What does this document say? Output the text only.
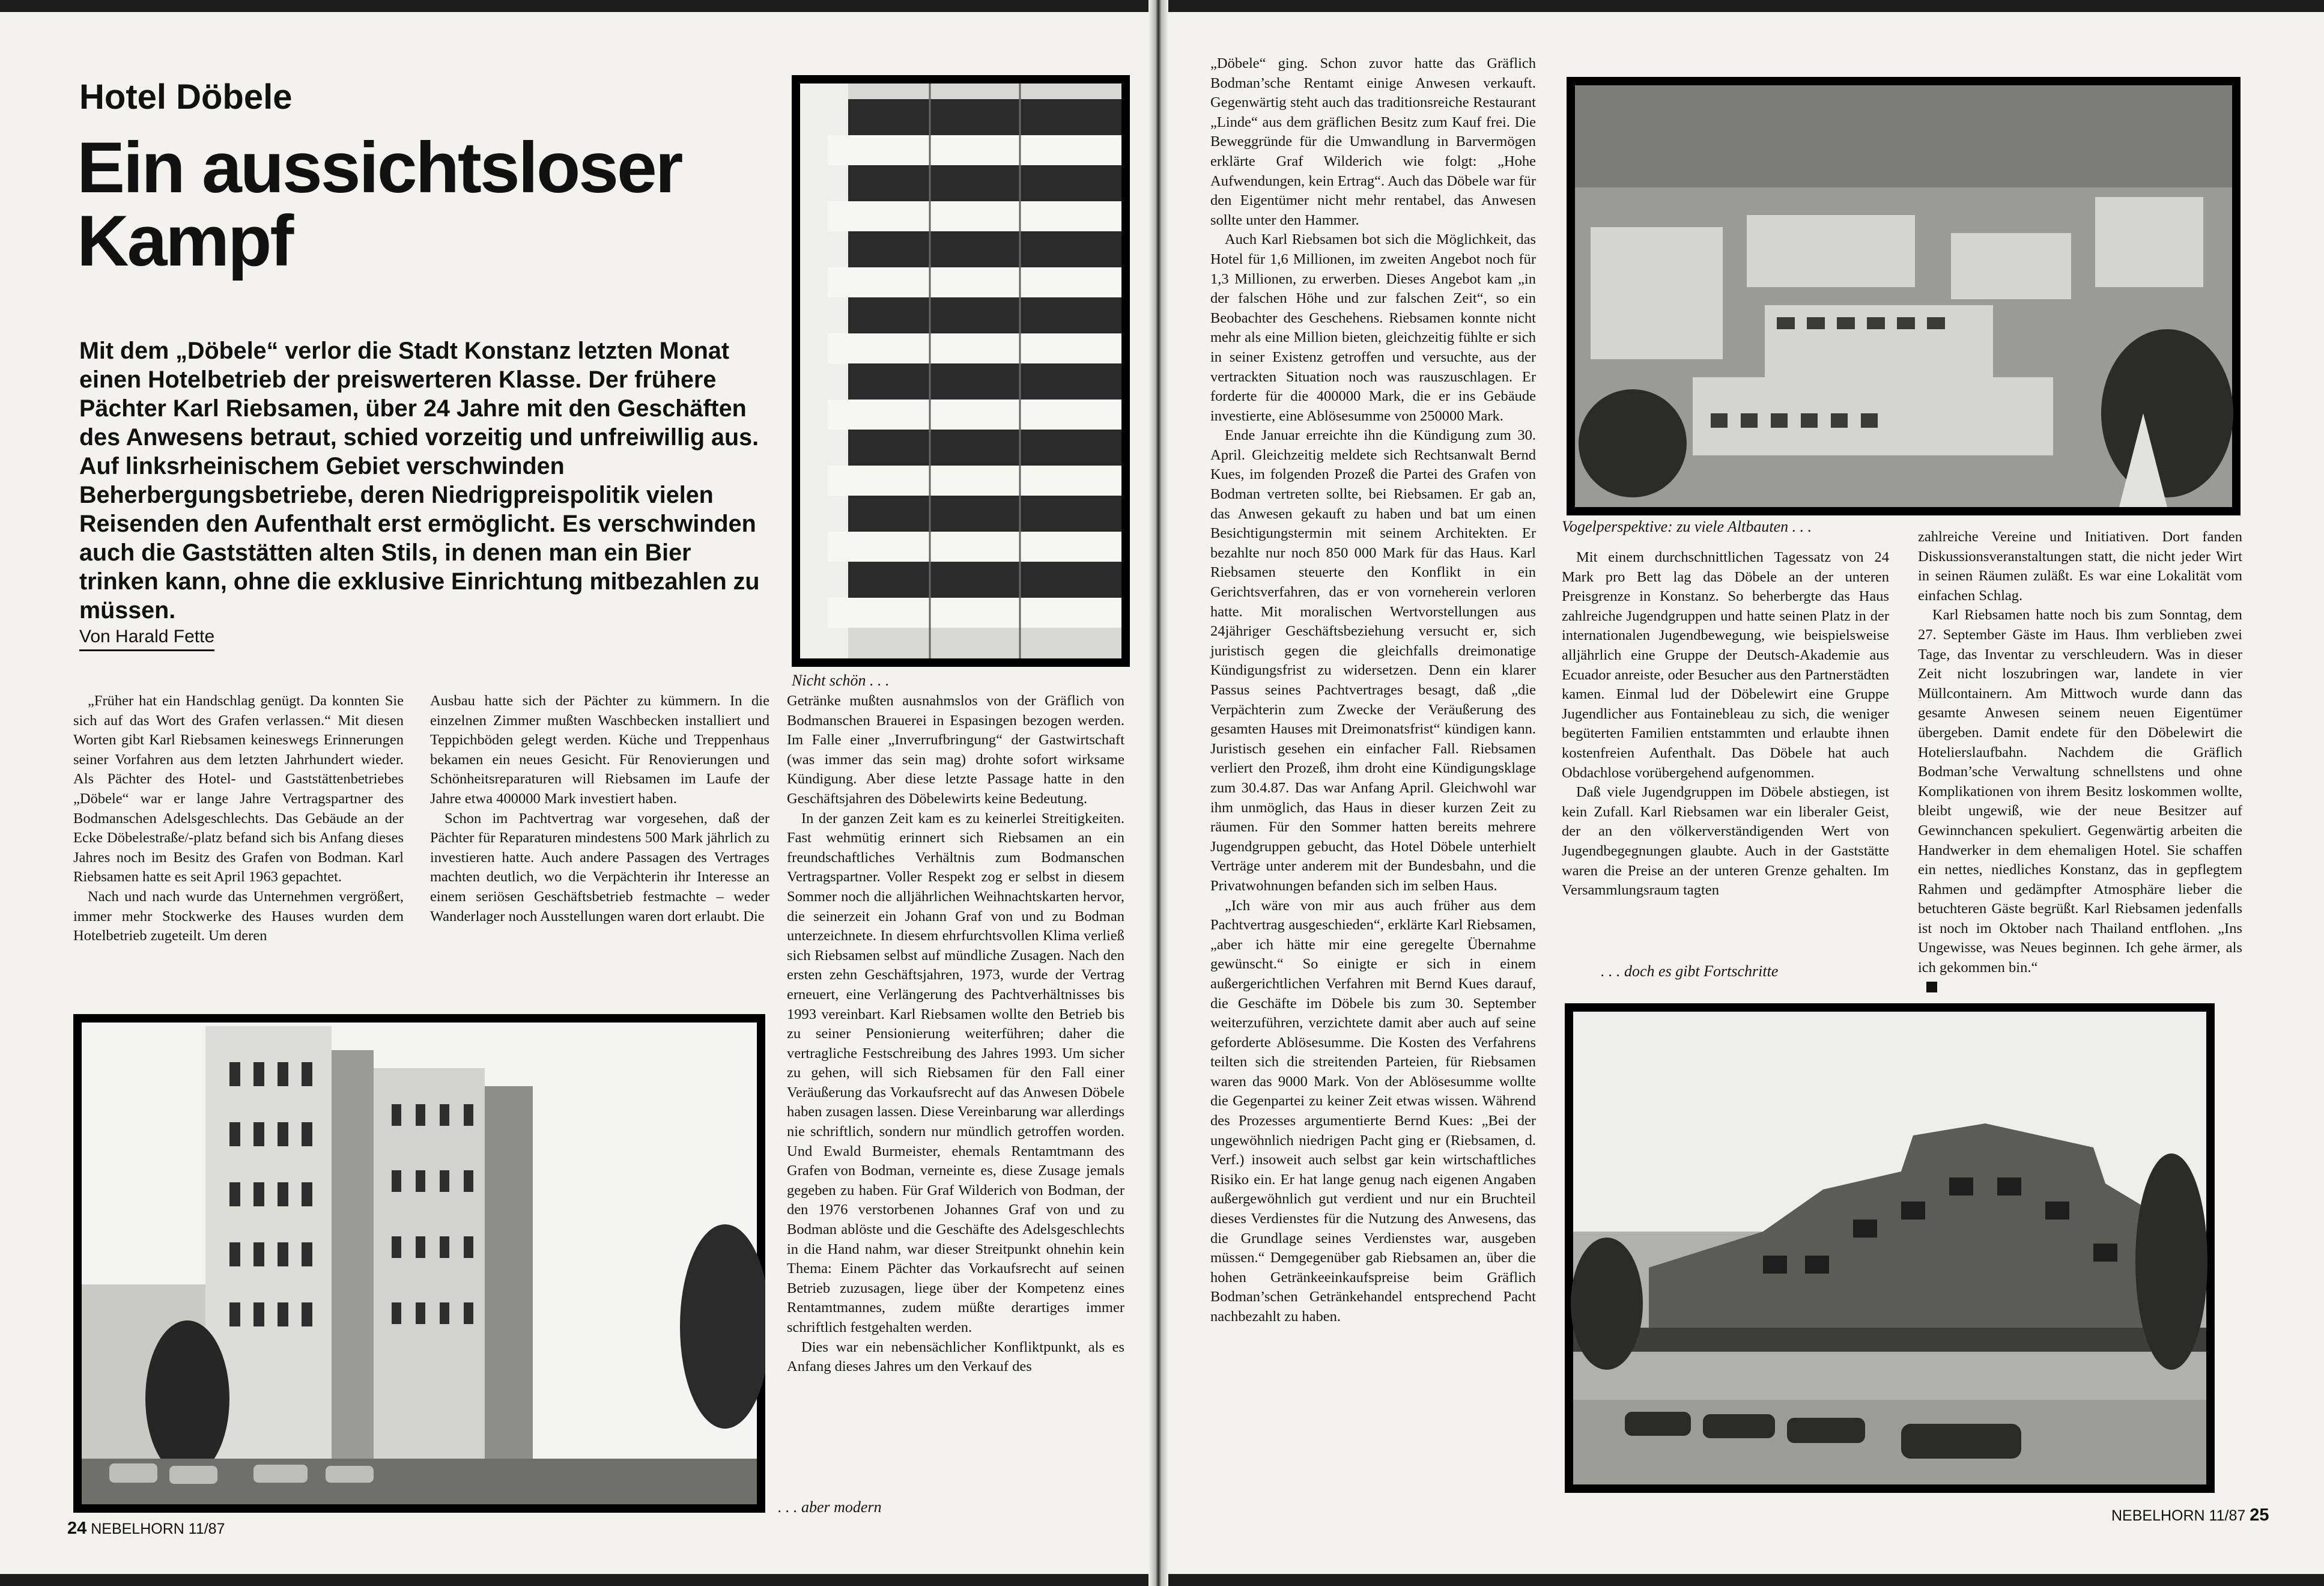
Hotel Döbele
Ein aussichtsloser Kampf

Mit dem „Döbele“ verlor die Stadt Konstanz letzten Monat einen Hotelbetrieb der preiswerteren Klasse. Der frühere Pächter Karl Riebsamen, über 24 Jahre mit den Geschäften des Anwesens betraut, schied vorzeitig und unfreiwillig aus. Auf linksrheinischem Gebiet verschwinden Beherbergungsbetriebe, deren Niedrigpreispolitik vielen Reisenden den Aufenthalt erst ermöglicht. Es verschwinden auch die Gaststätten alten Stils, in denen man ein Bier trinken kann, ohne die exklusive Einrichtung mitbezahlen zu müssen.

Von Harald Fette
Nicht schön . . .

„Früher hat ein Handschlag genügt. Da konnten Sie sich auf das Wort des Grafen verlassen.“ Mit diesen Worten gibt Karl Riebsamen keineswegs Erinnerungen seiner Vorfahren aus dem letzten Jahrhundert wieder. Als Pächter des Hotel- und Gaststättenbetriebes „Döbele“ war er lange Jahre Vertragspartner des Bodmanschen Adelsgeschlechts. Das Gebäude an der Ecke Döbelestraße/-platz befand sich bis Anfang dieses Jahres noch im Besitz des Grafen von Bodman. Karl Riebsamen hatte es seit April 1963 gepachtet.

Nach und nach wurde das Unternehmen vergrößert, immer mehr Stockwerke des Hauses wurden dem Hotelbetrieb zugeteilt. Um deren

Ausbau hatte sich der Pächter zu kümmern. In die einzelnen Zimmer mußten Waschbecken installiert und Teppichböden gelegt werden. Küche und Treppenhaus bekamen ein neues Gesicht. Für Renovierungen und Schönheitsreparaturen will Riebsamen im Laufe der Jahre etwa 400000 Mark investiert haben.

Schon im Pachtvertrag war vorgesehen, daß der Pächter für Reparaturen mindestens 500 Mark jährlich zu investieren hatte. Auch andere Passagen des Vertrages machten deutlich, wo die Verpächterin ihr Interesse an einem seriösen Geschäftsbetrieb festmachte – weder Wanderlager noch Ausstellungen waren dort erlaubt. Die

Getränke mußten ausnahmslos von der Gräflich von Bodmanschen Brauerei in Espasingen bezogen werden. Im Falle einer „Inverrufbringung“ der Gastwirtschaft (was immer das sein mag) drohte sofort wirksame Kündigung. Aber diese letzte Passage hatte in den Geschäftsjahren des Döbelewirts keine Bedeutung.

In der ganzen Zeit kam es zu keinerlei Streitigkeiten. Fast wehmütig erinnert sich Riebsamen an ein freundschaftliches Verhältnis zum Bodmanschen Vertragspartner. Voller Respekt zog er selbst in diesem Sommer noch die alljährlichen Weihnachtskarten hervor, die seinerzeit ein Johann Graf von und zu Bodman unterzeichnete. In diesem ehrfurchtsvollen Klima verließ sich Riebsamen selbst auf mündliche Zusagen. Nach den ersten zehn Geschäftsjahren, 1973, wurde der Vertrag erneuert, eine Verlängerung des Pachtverhältnisses bis 1993 vereinbart. Karl Riebsamen wollte den Betrieb bis zu seiner Pensionierung weiterführen; daher die vertragliche Festschreibung des Jahres 1993. Um sicher zu gehen, will sich Riebsamen für den Fall einer Veräußerung das Vorkaufsrecht auf das Anwesen Döbele haben zusagen lassen. Diese Vereinbarung war allerdings nie schriftlich, sondern nur mündlich getroffen worden. Und Ewald Burmeister, ehemals Rentamtmann des Grafen von Bodman, verneinte es, diese Zusage jemals gegeben zu haben. Für Graf Wilderich von Bodman, der den 1976 verstorbenen Johannes Graf von und zu Bodman ablöste und die Geschäfte des Adelsgeschlechts in die Hand nahm, war dieser Streitpunkt ohnehin kein Thema: Einem Pächter das Vorkaufsrecht auf seinen Betrieb zuzusagen, liege über der Kompetenz eines Rentamtmannes, zudem müßte derartiges immer schriftlich festgehalten werden.

Dies war ein nebensächlicher Konfliktpunkt, als es Anfang dieses Jahres um den Verkauf des

. . . aber modern
24 NEBELHORN 11/87

„Döbele“ ging. Schon zuvor hatte das Gräflich Bodman’sche Rentamt einige Anwesen verkauft. Gegenwärtig steht auch das traditionsreiche Restaurant „Linde“ aus dem gräflichen Besitz zum Kauf frei. Die Beweggründe für die Umwandlung in Barvermögen erklärte Graf Wilderich wie folgt: „Hohe Aufwendungen, kein Ertrag“. Auch das Döbele war für den Eigentümer nicht mehr rentabel, das Anwesen sollte unter den Hammer.

Auch Karl Riebsamen bot sich die Möglichkeit, das Hotel für 1,6 Millionen, im zweiten Angebot noch für 1,3 Millionen, zu erwerben. Dieses Angebot kam „in der falschen Höhe und zur falschen Zeit“, so ein Beobachter des Geschehens. Riebsamen konnte nicht mehr als eine Million bieten, gleichzeitig fühlte er sich in seiner Existenz getroffen und versuchte, aus der vertrackten Situation noch was rauszuschlagen. Er forderte für die 400000 Mark, die er ins Gebäude investierte, eine Ablösesumme von 250000 Mark.

Ende Januar erreichte ihn die Kündigung zum 30. April. Gleichzeitig meldete sich Rechtsanwalt Bernd Kues, im folgenden Prozeß die Partei des Grafen von Bodman vertreten sollte, bei Riebsamen. Er gab an, das Anwesen gekauft zu haben und bat um einen Besichtigungstermin mit seinem Architekten. Er bezahlte nur noch 850 000 Mark für das Haus. Karl Riebsamen steuerte den Konflikt in ein Gerichtsverfahren, das er von vorneherein verloren hatte. Mit moralischen Wertvorstellungen aus 24jähriger Geschäftsbeziehung versucht er, sich juristisch gegen die gleichfalls dreimonatige Kündigungsfrist zu widersetzen. Denn ein klarer Passus seines Pachtvertrages besagt, daß „die Verpächterin zum Zwecke der Veräußerung des gesamten Hauses mit Dreimonatsfrist“ kündigen kann. Juristisch gesehen ein einfacher Fall. Riebsamen verliert den Prozeß, ihm droht eine Kündigungsklage zum 30.4.87. Das war Anfang April. Gleichwohl war ihm unmöglich, das Haus in dieser kurzen Zeit zu räumen. Für den Sommer hatten bereits mehrere Jugendgruppen gebucht, das Hotel Döbele unterhielt Verträge unter anderem mit der Bundesbahn, und die Privatwohnungen befanden sich im selben Haus.

„Ich wäre von mir aus auch früher aus dem Pachtvertrag ausgeschieden“, erklärte Karl Riebsamen, „aber ich hätte mir eine geregelte Übernahme gewünscht.“ So einigte er sich in einem außergerichtlichen Verfahren mit Bernd Kues darauf, die Geschäfte im Döbele bis zum 30. September weiterzuführen, verzichtete damit aber auch auf seine geforderte Ablösesumme. Die Kosten des Verfahrens teilten sich die streitenden Parteien, für Riebsamen waren das 9000 Mark. Von der Ablösesumme wollte die Gegenpartei zu keiner Zeit etwas wissen. Während des Prozesses argumentierte Bernd Kues: „Bei der ungewöhnlich niedrigen Pacht ging er (Riebsamen, d. Verf.) insoweit auch selbst gar kein wirtschaftliches Risiko ein. Er hat lange genug nach eigenen Angaben außergewöhnlich gut verdient und nur ein Bruchteil dieses Verdienstes für die Nutzung des Anwesens, das die Grundlage seines Verdienstes war, ausgeben müssen.“ Demgegenüber gab Riebsamen an, über die hohen Getränkeeinkaufspreise beim Gräflich Bodman’schen Getränkehandel entsprechend Pacht nachbezahlt zu haben.

Vogelperspektive: zu viele Altbauten . . .

Mit einem durchschnittlichen Tagessatz von 24 Mark pro Bett lag das Döbele an der unteren Preisgrenze in Konstanz. So beherbergte das Haus zahlreiche Jugendgruppen und hatte seinen Platz in der internationalen Jugendbewegung, wie beispielsweise alljährlich eine Gruppe der Deutsch-Akademie aus Ecuador anreiste, oder Besucher aus den Partnerstädten kamen. Einmal lud der Döbelewirt eine Gruppe Jugendlicher aus Fontainebleau zu sich, die weniger begüterten Familien entstammten und erlaubte ihnen kostenfreien Aufenthalt. Das Döbele hat auch Obdachlose vorübergehend aufgenommen.

Daß viele Jugendgruppen im Döbele abstiegen, ist kein Zufall. Karl Riebsamen war ein liberaler Geist, der an den völkerverständigenden Wert von Jugendbegegnungen glaubte. Auch in der Gaststätte waren die Preise an der unteren Grenze gehalten. Im Versammlungsraum tagten

. . . doch es gibt Fortschritte

zahlreiche Vereine und Initiativen. Dort fanden Diskussionsveranstaltungen statt, die nicht jeder Wirt in seinen Räumen zuläßt. Es war eine Lokalität vom einfachen Schlag.

Karl Riebsamen hatte noch bis zum Sonntag, dem 27. September Gäste im Haus. Ihm verblieben zwei Tage, das Inventar zu verschleudern. Was in dieser Zeit nicht loszubringen war, landete in vier Müllcontainern. Am Mittwoch wurde dann das gesamte Anwesen seinem neuen Eigentümer übergeben. Damit endete für den Döbelewirt die Hotelierslaufbahn. Nachdem die Gräflich Bodman’sche Verwaltung schnellstens und ohne Komplikationen von ihrem Besitz loskommen wollte, bleibt ungewiß, wie der neue Besitzer auf Gewinnchancen spekuliert. Gegenwärtig arbeiten die Handwerker in dem ehemaligen Hotel. Sie schaffen ein nettes, niedliches Konstanz, das in gepflegtem Rahmen und gedämpfter Atmosphäre lieber die betuchteren Gäste begrüßt. Karl Riebsamen jedenfalls ist noch im Oktober nach Thailand entflohen. „Ins Ungewisse, was Neues beginnen. Ich gehe ärmer, als ich gekommen bin.“

NEBELHORN 11/87 25
